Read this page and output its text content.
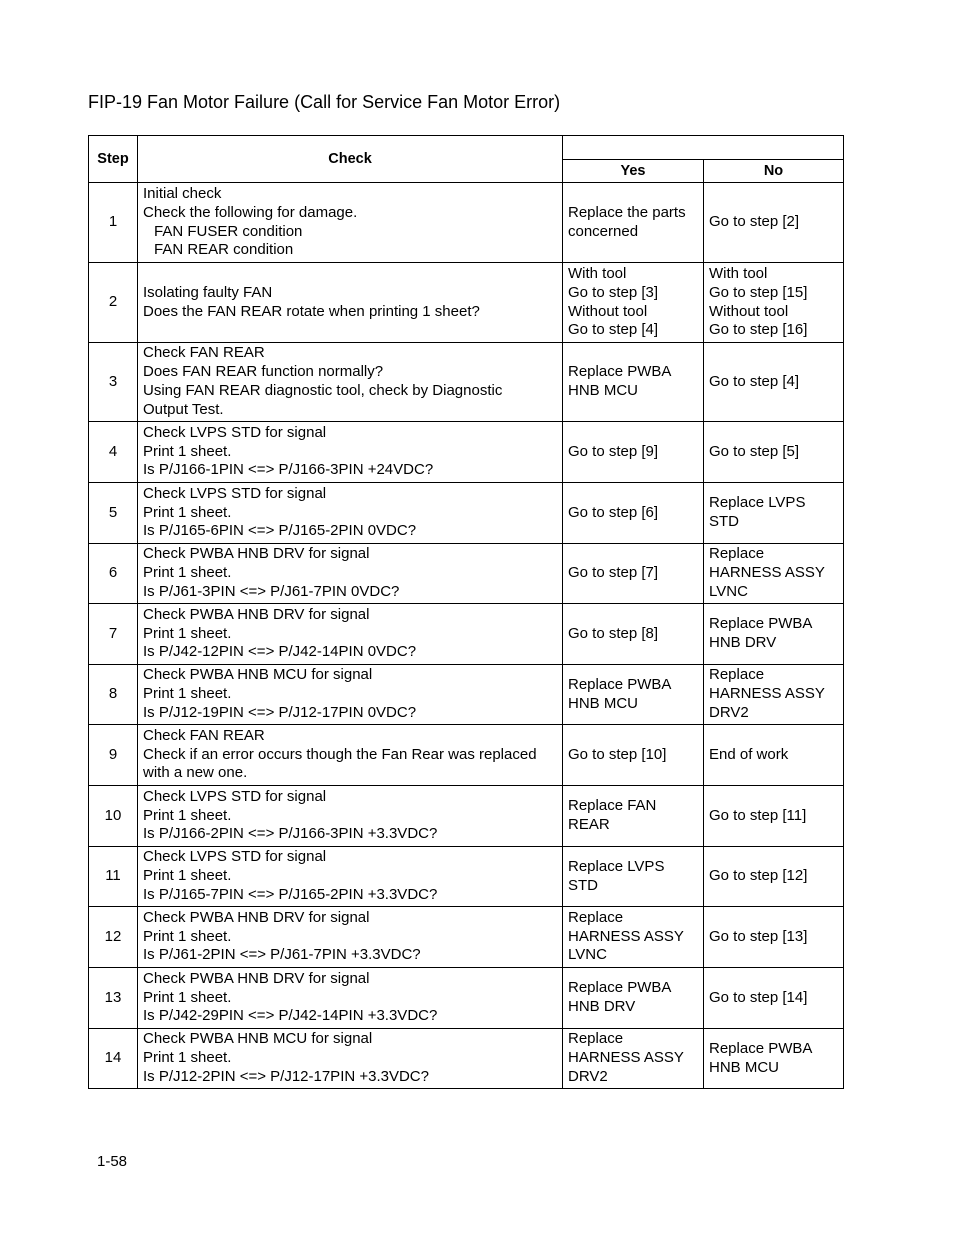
FIP-19 Fan Motor Failure (Call for Service Fan Motor Error)
Step	Check		
		Yes	No
1	Initial check
Check the following for damage.
FAN FUSER condition
FAN REAR condition	Replace the parts
concerned	Go to step [2]

2	Isolating faulty FAN
Does the FAN REAR rotate when printing 1 sheet?	With tool
Go to step [3]
Without tool
Go to step [4]	With tool
Go to step [15]
Without tool
Go to step [16]

3	Check FAN REAR
Does FAN REAR function normally?
Using FAN REAR diagnostic tool, check by Diagnostic
Output Test.	Replace PWBA
HNB MCU	Go to step [4]

4	Check LVPS STD for signal
Print 1 sheet.
Is P/J166-1PIN <=> P/J166-3PIN +24VDC?	Go to step [9]	Go to step [5]

5	Check LVPS STD for signal
Print 1 sheet.
Is P/J165-6PIN <=> P/J165-2PIN 0VDC?	Go to step [6]	Replace LVPS
STD

6	Check PWBA HNB DRV for signal
Print 1 sheet.
Is P/J61-3PIN <=> P/J61-7PIN 0VDC?	Go to step [7]	Replace
HARNESS ASSY
LVNC

7	Check PWBA HNB DRV for signal
Print 1 sheet.
Is P/J42-12PIN <=> P/J42-14PIN 0VDC?	Go to step [8]	Replace PWBA
HNB DRV

8	Check PWBA HNB MCU for signal
Print 1 sheet.
Is P/J12-19PIN <=> P/J12-17PIN 0VDC?	Replace PWBA
HNB MCU	Replace
HARNESS ASSY
DRV2

9	Check FAN REAR
Check if an error occurs though the Fan Rear was replaced
with a new one.	Go to step [10]	End of work

10	Check LVPS STD for signal
Print 1 sheet.
Is P/J166-2PIN <=> P/J166-3PIN +3.3VDC?	Replace FAN
REAR	Go to step [11]

11	Check LVPS STD for signal
Print 1 sheet.
Is P/J165-7PIN <=> P/J165-2PIN +3.3VDC?	Replace LVPS
STD	Go to step [12]

12	Check PWBA HNB DRV for signal
Print 1 sheet.
Is P/J61-2PIN <=> P/J61-7PIN +3.3VDC?	Replace
HARNESS ASSY
LVNC	Go to step [13]

13	Check PWBA HNB DRV for signal
Print 1 sheet.
Is P/J42-29PIN <=> P/J42-14PIN +3.3VDC?	Replace PWBA
HNB DRV	Go to step [14]

14	Check PWBA HNB MCU for signal
Print 1 sheet.
Is P/J12-2PIN <=> P/J12-17PIN +3.3VDC?	Replace
HARNESS ASSY
DRV2	Replace PWBA
HNB MCU
1-58
